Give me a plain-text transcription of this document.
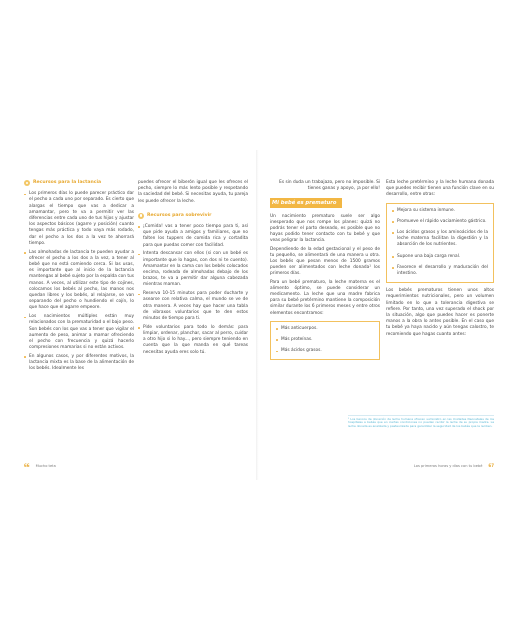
Recursos para la lactancia
Los primeros días lo puede parecer práctico dar el pecho a cada uno por separado. Es cierto que alargas el tiempo que vas a dedicar a amamantar, pero te va a permitir ver las diferencias entre cada uno de tus hijos y ajustar los aspectos básicos (agarre y posición) cuanto tengas más práctica y todo vaya más rodado, dar el pecho a los dos a la vez te ahorrará tiempo.
Las almohadas de lactancia te pueden ayudar a ofrecer el pecho a los dos a la vez, a tener al bebé que no está comiendo cerca. Si las usas, es importante que al inicio de la lactancia mantengas al bebé sujeto por la espalda con tus manos. A veces, al utilizar este tipo de cojines, colocamos los bebés al pecho, las manos nos quedan libres y los bebés, al relajarse, se van separando del pecho o hundiendo el cojín, lo que hace que el agarre empeore.
Los nacimientos múltiples están muy relacionados con la prematuridad o el bajo peso. Son bebés con los que vas a tener que vigilar el aumento de peso, animar a mamar ofreciendo el pecho con frecuencia y quizá hacerlo compresiones mamarias si no están activos.
En algunos casos, y por diferentes motivos, la lactancia mixta es la base de la alimentación de los bebés. Idealmente les

puedes ofrecer el biberón igual que les ofreces el pecho, siempre lo más lento posible y respetando la saciedad del bebé. Si necesitas ayuda, tu pareja les puede ofrecer la leche.

Recursos para sobrevivir
¡Comida! vas a tener poco tiempo para ti, así que pide ayuda a amigos y familiares, que no falten los tuppers de comida rica y cortadita para que puedas comer con facilidad.
Intenta descansar con ellos (si con un bebé es importante que lo hagas, con dos ni te cuento). Amamantar en la cama con los bebés colocados encima, rodeada de almohadas debajo de los brazos, te va a permitir dar alguna cabezada mientras maman.
Reserva 10-15 minutos para poder ducharte y asearse con relativa calma, el mundo se ve de otra manera. A veces hay que hacer una tabla de vibraxos voluntarios que te den estos minutos de tiempo para ti.
Pide voluntarios para todo lo demás: para limpiar, ordenar, planchar, sacar al perro, cuidar a otro hijo si lo hay..., pero siempre teniendo en cuenta que la que manda en qué tareas necesitas ayuda eres solo tú.

Es sin duda un trabajazo, pero no imposible. Si tienes ganas y apoyo, ¡a por ello!

Mi bebé es prematuro

Un nacimiento prematuro suele ser algo inesperado que nos rompe los planes: quizá no podrás tener el parto deseado, es posible que no hayas podido tener contacto con tu bebé y que veas peligrar la lactancia.

Dependiendo de la edad gestacional y el peso de tu pequeño, se alimentará de una manera u otra. Los bebés que pesan menos de 1500 gramos pueden ser alimentados con leche donada¹ los primeros días.

Para un bebé prematuro, la leche materna es el alimento óptimo, se puede considerar un medicamento. La leche que una madre fabrica para su bebé pretérmino mantiene la composición similar durante los 6 primeros meses y entre otros elementos encontramos:

Más anticuerpos.
Más proteínas.
Más ácidos grasos.

Esta leche pretérmino y la leche humana donada que puedes recibir tienen una función clave en su desarrollo, entre otras:

Mejora su sistema inmune.
Promueve el rápido vaciamiento gástrico.
Los ácidos grasos y los aminoácidos de la leche materna facilitan la digestión y la absorción de los nutrientes.
Supone una baja carga renal.
Favorece el desarrollo y maduración del intestino.

Los bebés prematuros tienen unos altos requerimientos nutricionales, pero un volumen limitado en lo que a tolerancia digestiva se refiere. Por tanto, una vez superado el shock por la situación, algo que puedes hacer es ponerte manos a la obra lo antes posible. En el caso que tu bebé ya haya nacido y aún tengas calostro, te recomiendo que hagas cuanto antes:

¹ Los bancos de donación de leche humana ofrecen suministro en las Unidades Neonatales de los hospitales a bebés que en ciertas condiciones no pueden recibir la leche de su propia madre. La leche donada es analizada y pasteurizada para garantizar la seguridad de los bebés que la reciben.
66 Mucho teta	Los primeros horas y días con tu bebé 67
